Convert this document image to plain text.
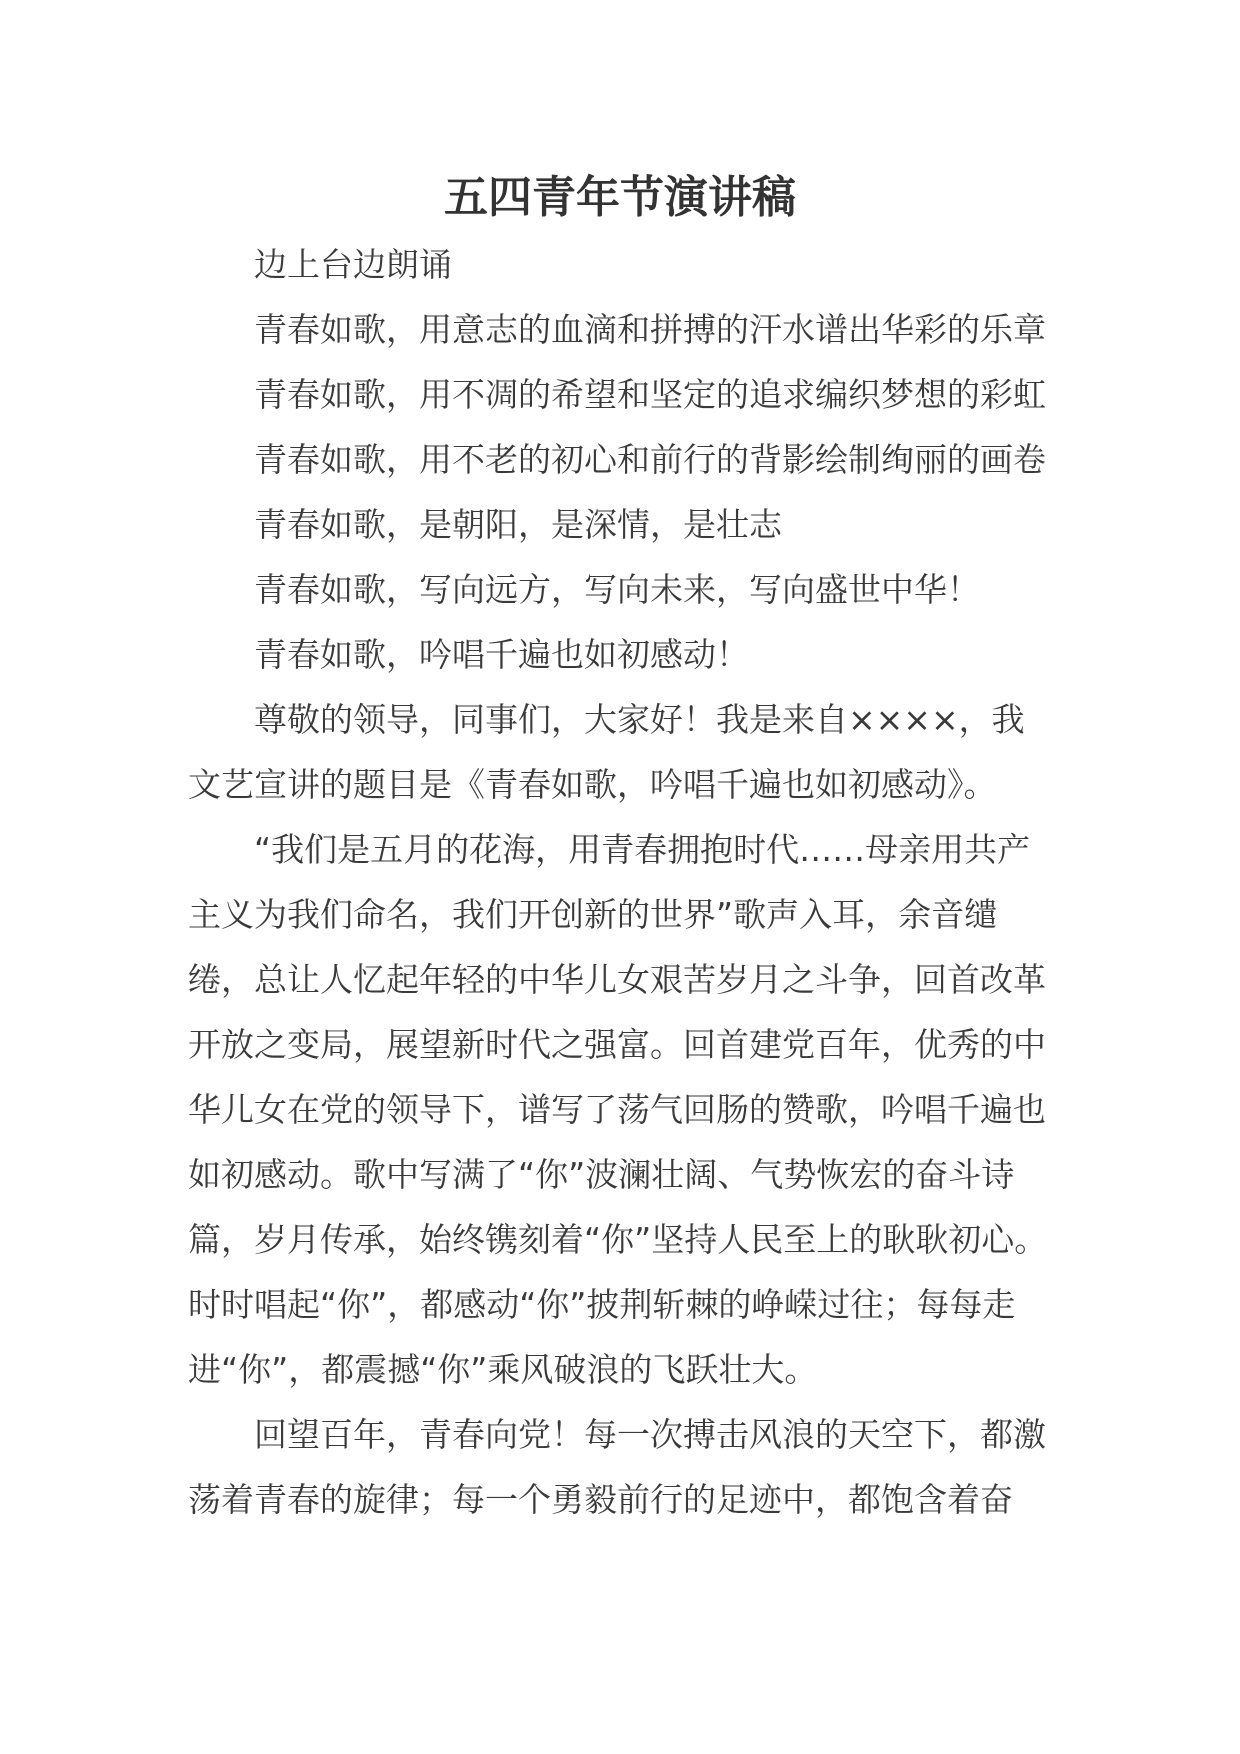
五四青年节演讲稿

边上台边朗诵

青春如歌，用意志的血滴和拼搏的汗水谱出华彩的乐章

青春如歌，用不凋的希望和坚定的追求编织梦想的彩虹

青春如歌，用不老的初心和前行的背影绘制绚丽的画卷

青春如歌，是朝阳，是深情，是壮志

青春如歌，写向远方，写向未来，写向盛世中华！

青春如歌，吟唱千遍也如初感动！

尊敬的领导，同事们，大家好！我是来自××××，我文艺宣讲的题目是《青春如歌，吟唱千遍也如初感动》。

“我们是五月的花海，用青春拥抱时代……母亲用共产主义为我们命名，我们开创新的世界”歌声入耳，余音缱绻，总让人忆起年轻的中华儿女艰苦岁月之斗争，回首改革开放之变局，展望新时代之强富。回首建党百年，优秀的中华儿女在党的领导下，谱写了荡气回肠的赞歌，吟唱千遍也如初感动。歌中写满了“你”波澜壮阔、气势恢宏的奋斗诗篇，岁月传承，始终镌刻着“你”坚持人民至上的耿耿初心。时时唱起“你”，都感动“你”披荆斩棘的峥嵘过往；每每走进“你”，都震撼“你”乘风破浪的飞跃壮大。

回望百年，青春向党！每一次搏击风浪的天空下，都激荡着青春的旋律；每一个勇毅前行的足迹中，都饱含着奋
